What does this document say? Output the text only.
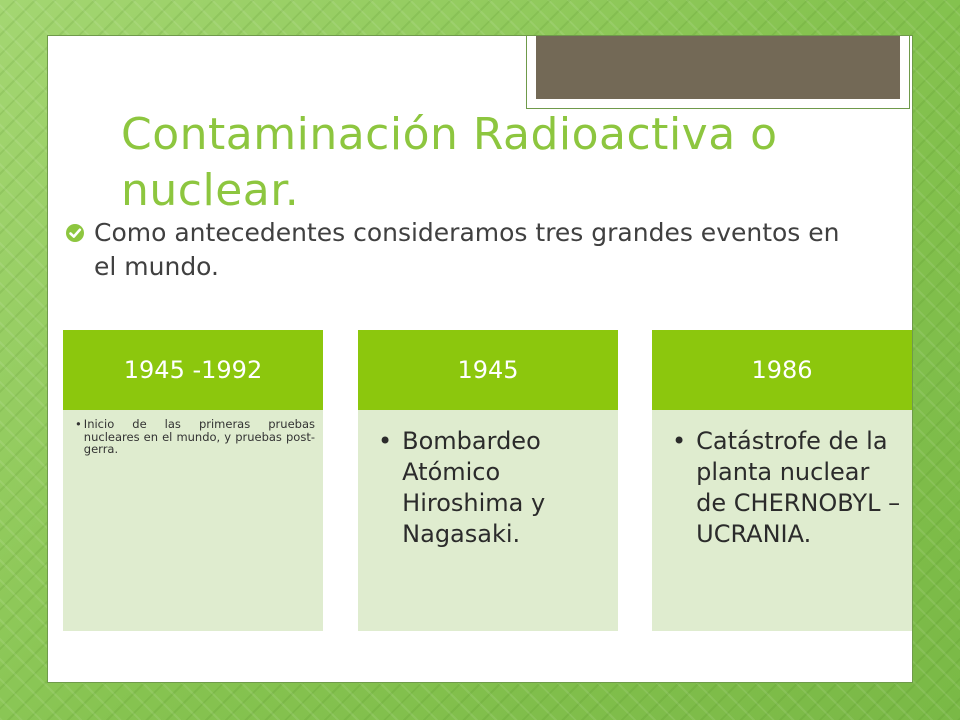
Contaminación Radioactiva o nuclear.
Como antecedentes consideramos tres grandes eventos en el mundo.
1945 -1992
• Inicio de las primeras pruebas nucleares en el mundo, y pruebas post-gerra.
1945
• Bombardeo Atómico Hiroshima y Nagasaki.
1986
• Catástrofe de la planta nuclear de CHERNOBYL – UCRANIA.
